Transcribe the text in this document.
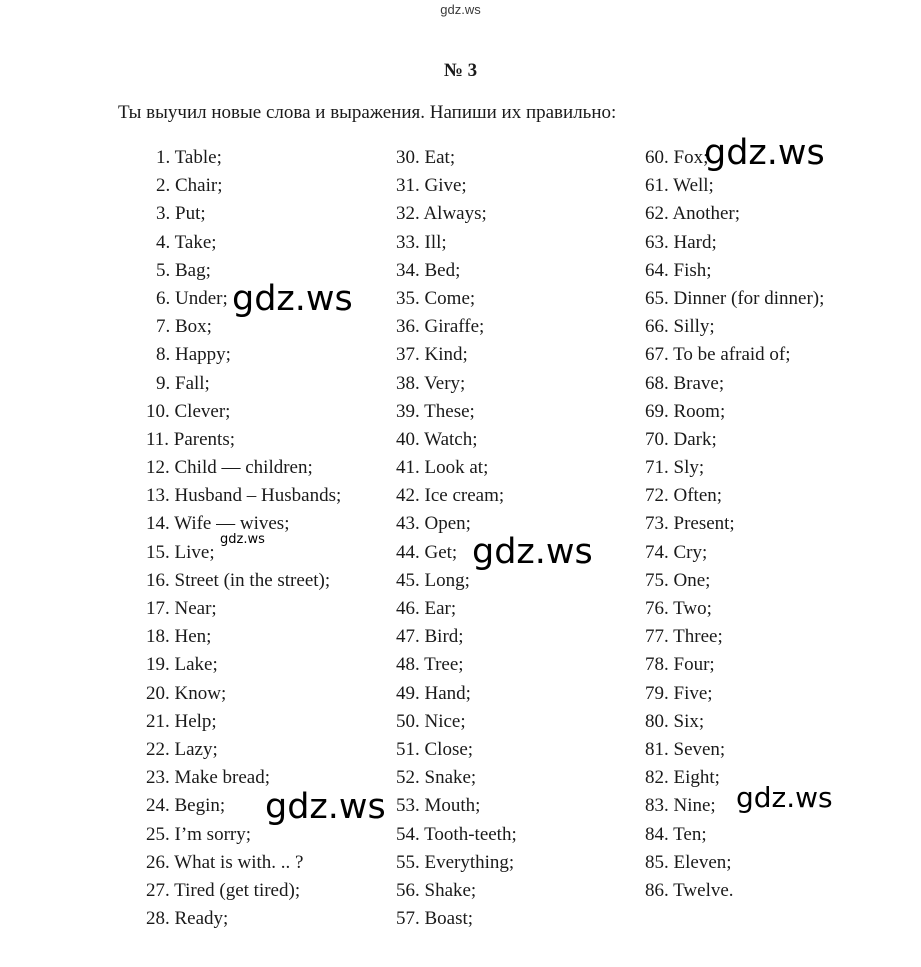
gdz.ws
№ 3
Ты выучил новые слова и выражения. Напиши их правильно:
1. Table;
2. Chair;
3. Put;
4. Take;
5. Bag;
6. Under;
7. Box;
8. Happy;
9. Fall;
10. Clever;
11. Parents;
12. Child — children;
13. Husband – Husbands;
14. Wife — wives;
15. Live;
16. Street (in the street);
17. Near;
18. Hen;
19. Lake;
20. Know;
21. Help;
22. Lazy;
23. Make bread;
24. Begin;
25. I’m sorry;
26. What is with. .. ?
27. Tired (get tired);
28. Ready;
30. Eat;
31. Give;
32. Always;
33. Ill;
34. Bed;
35. Come;
36. Giraffe;
37. Kind;
38. Very;
39. These;
40. Watch;
41. Look at;
42. Ice cream;
43. Open;
44. Get;
45. Long;
46. Ear;
47. Bird;
48. Tree;
49. Hand;
50. Nice;
51. Close;
52. Snake;
53. Mouth;
54. Tooth-teeth;
55. Everything;
56. Shake;
57. Boast;
60. Fox;
61. Well;
62. Another;
63. Hard;
64. Fish;
65. Dinner (for dinner);
66. Silly;
67. To be afraid of;
68. Brave;
69. Room;
70. Dark;
71. Sly;
72. Often;
73. Present;
74. Cry;
75. One;
76. Two;
77. Three;
78. Four;
79. Five;
80. Six;
81. Seven;
82. Eight;
83. Nine;
84. Ten;
85. Eleven;
86. Twelve.
gdz.ws
gdz.ws
gdz.ws	gdz.ws
gdz.ws	gdz.ws
